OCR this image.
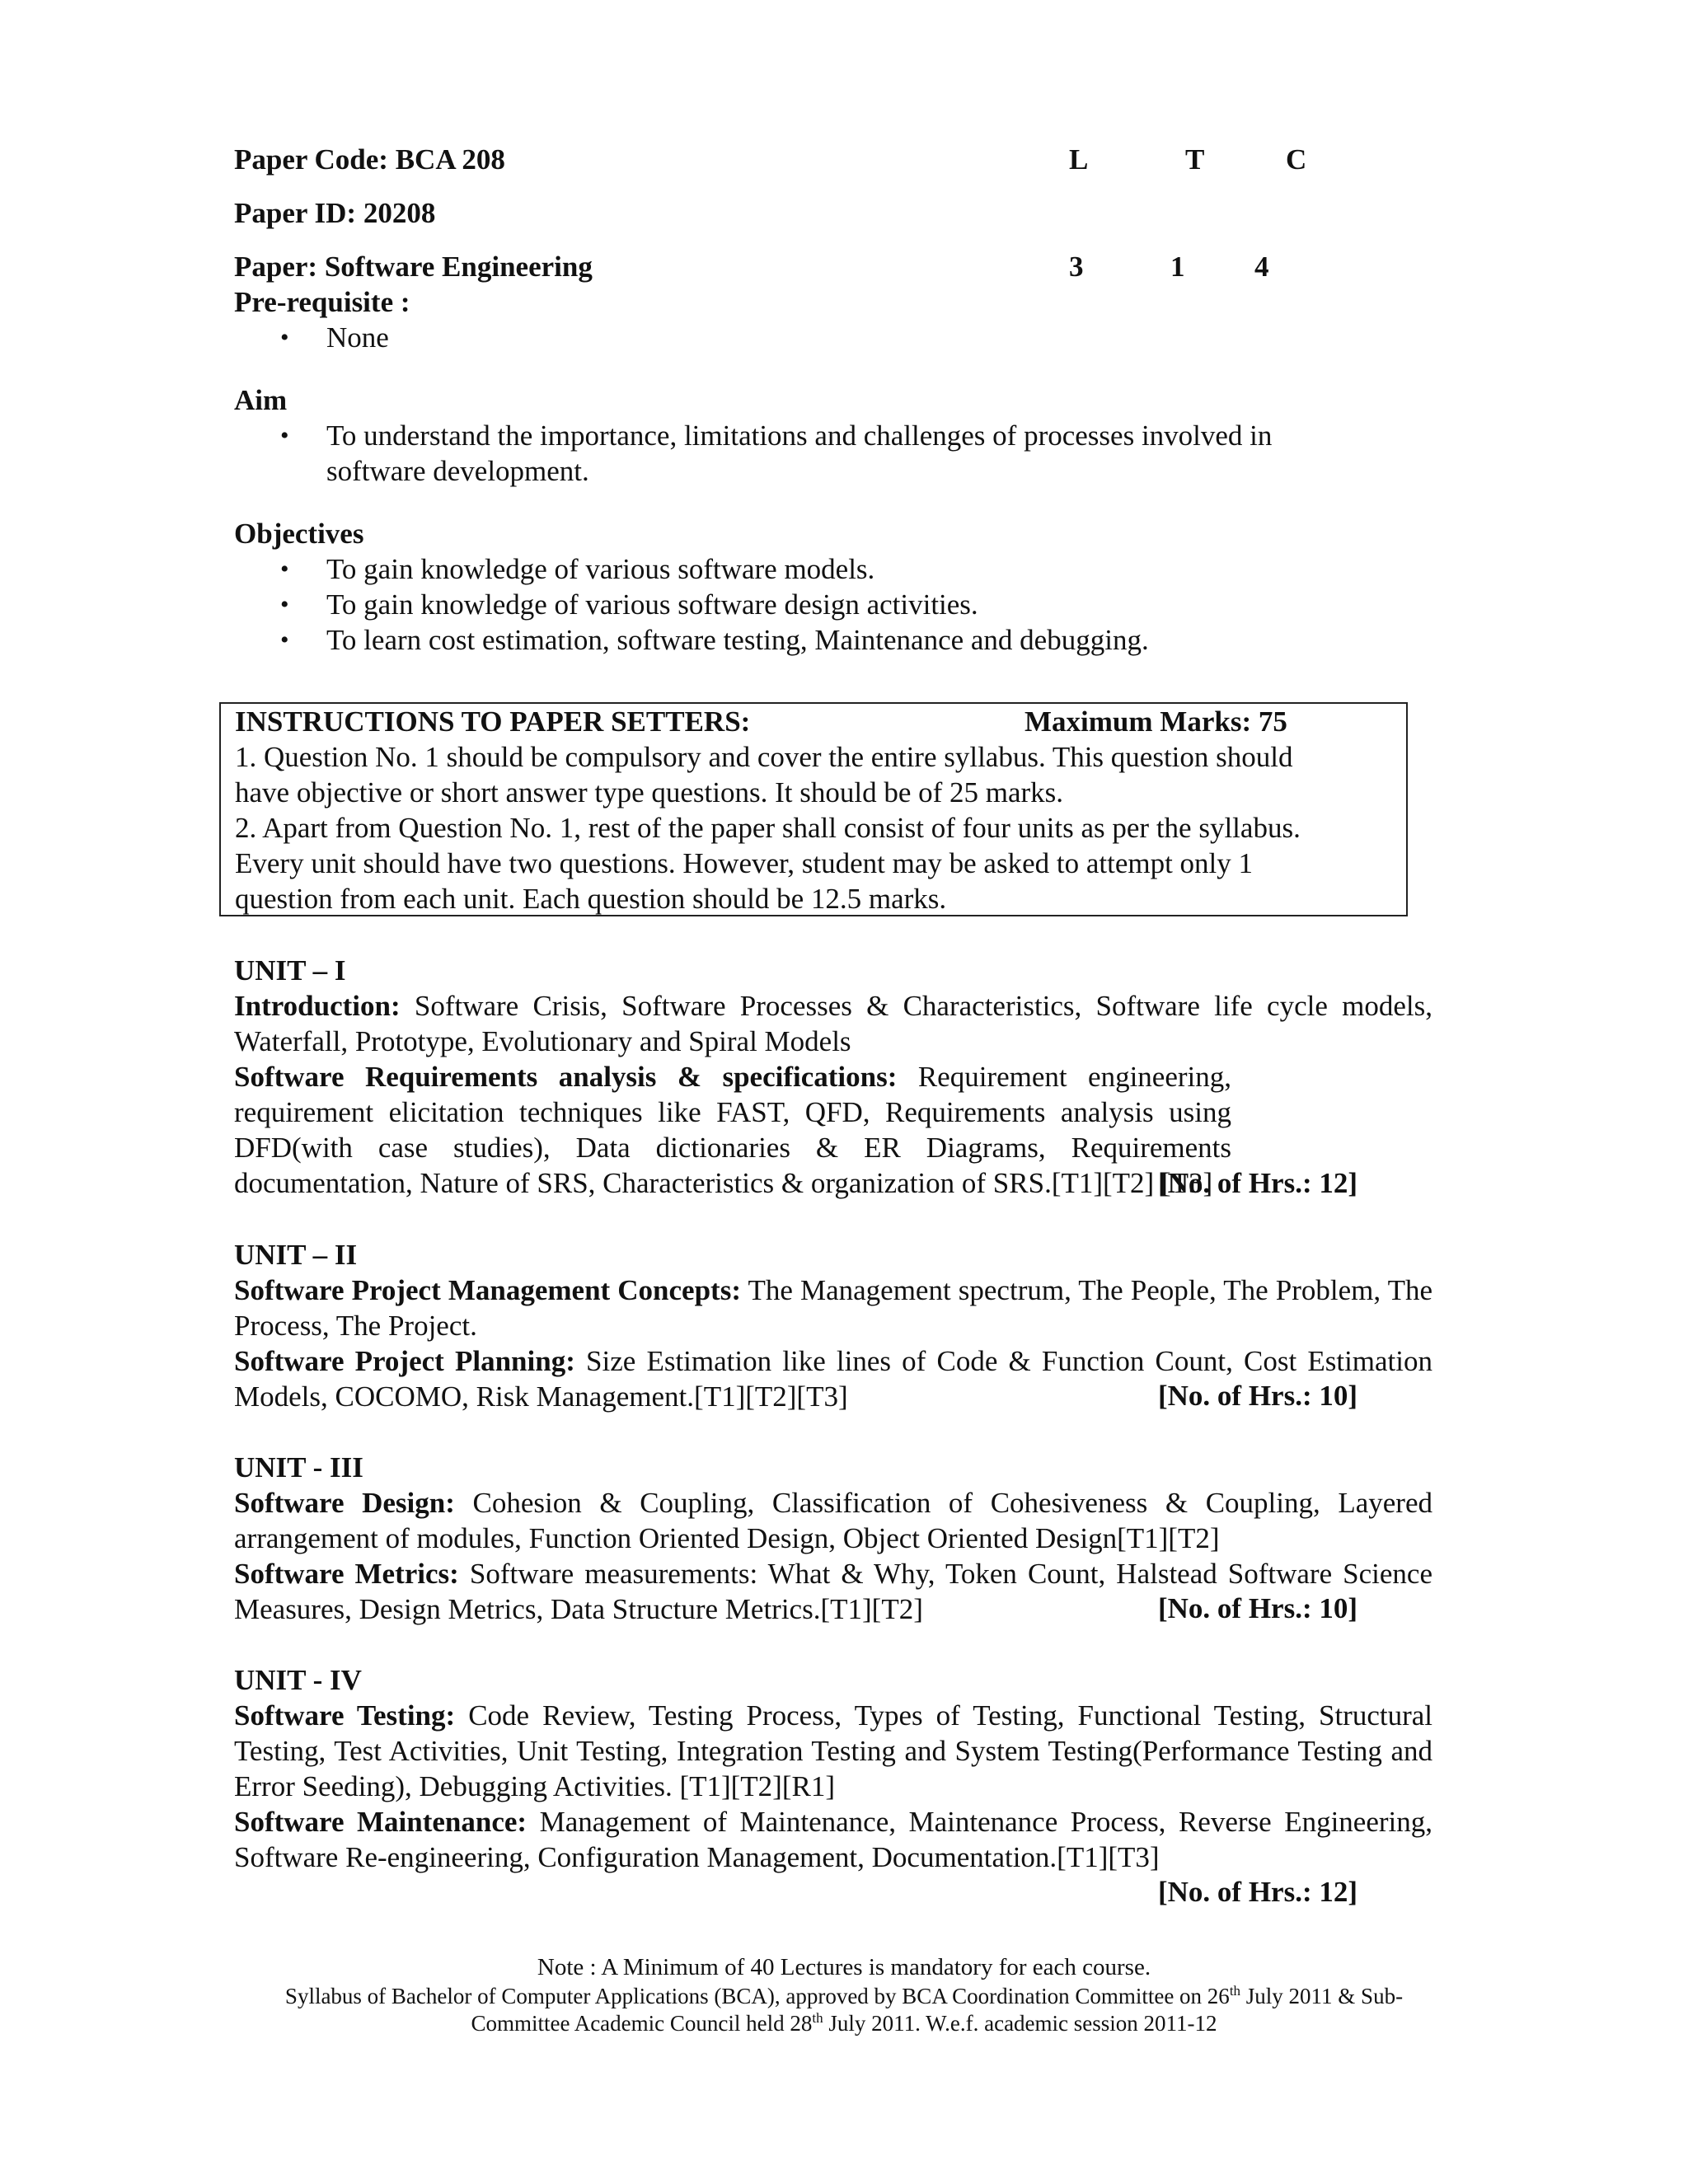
Paper Code: BCA 208	L	T	C
Paper ID: 20208
Paper: Software Engineering	3	1 4
Pre-requisite :
• None
Aim
• To understand the importance, limitations and challenges of processes involved in software development.
Objectives
• To gain knowledge of various software models.
• To gain knowledge of various software design activities.
• To learn cost estimation, software testing, Maintenance and debugging.
INSTRUCTIONS TO PAPER SETTERS:	Maximum Marks: 75
1. Question No. 1 should be compulsory and cover the entire syllabus. This question should
have objective or short answer type questions. It should be of 25 marks.
2. Apart from Question No. 1, rest of the paper shall consist of four units as per the syllabus.
Every unit should have two questions. However, student may be asked to attempt only 1
question from each unit. Each question should be 12.5 marks.
UNIT – I

Introduction: Software Crisis, Software Processes & Characteristics, Software life cycle models, Waterfall, Prototype, Evolutionary and Spiral Models

Software Requirements analysis & specifications: Requirement engineering, requirement elicitation techniques like FAST, QFD, Requirements analysis using DFD(with case studies), Data dictionaries & ER Diagrams, Requirements documentation, Nature of SRS, Characteristics & organization of SRS.[T1][T2] [T3]

[No. of Hrs.: 12]
UNIT – II

Software Project Management Concepts: The Management spectrum, The People, The Problem, The Process, The Project.

Software Project Planning: Size Estimation like lines of Code & Function Count, Cost Estimation Models, COCOMO, Risk Management.[T1][T2][T3]	[No. of Hrs.: 10]
UNIT - III

Software Design: Cohesion & Coupling, Classification of Cohesiveness & Coupling, Layered arrangement of modules, Function Oriented Design, Object Oriented Design[T1][T2]

Software Metrics: Software measurements: What & Why, Token Count, Halstead Software Science Measures, Design Metrics, Data Structure Metrics.[T1][T2]	[No. of Hrs.: 10]
UNIT - IV

Software Testing: Code Review, Testing Process, Types of Testing, Functional Testing, Structural Testing, Test Activities, Unit Testing, Integration Testing and System Testing(Performance Testing and Error Seeding), Debugging Activities. [T1][T2][R1]

Software Maintenance: Management of Maintenance, Maintenance Process, Reverse Engineering, Software Re-engineering, Configuration Management, Documentation.[T1][T3]

[No. of Hrs.: 12]
Note : A Minimum of 40 Lectures is mandatory for each course.
Syllabus of Bachelor of Computer Applications (BCA), approved by BCA Coordination Committee on 26th July 2011 & Sub-
Committee Academic Council held 28th July 2011. W.e.f. academic session 2011-12
